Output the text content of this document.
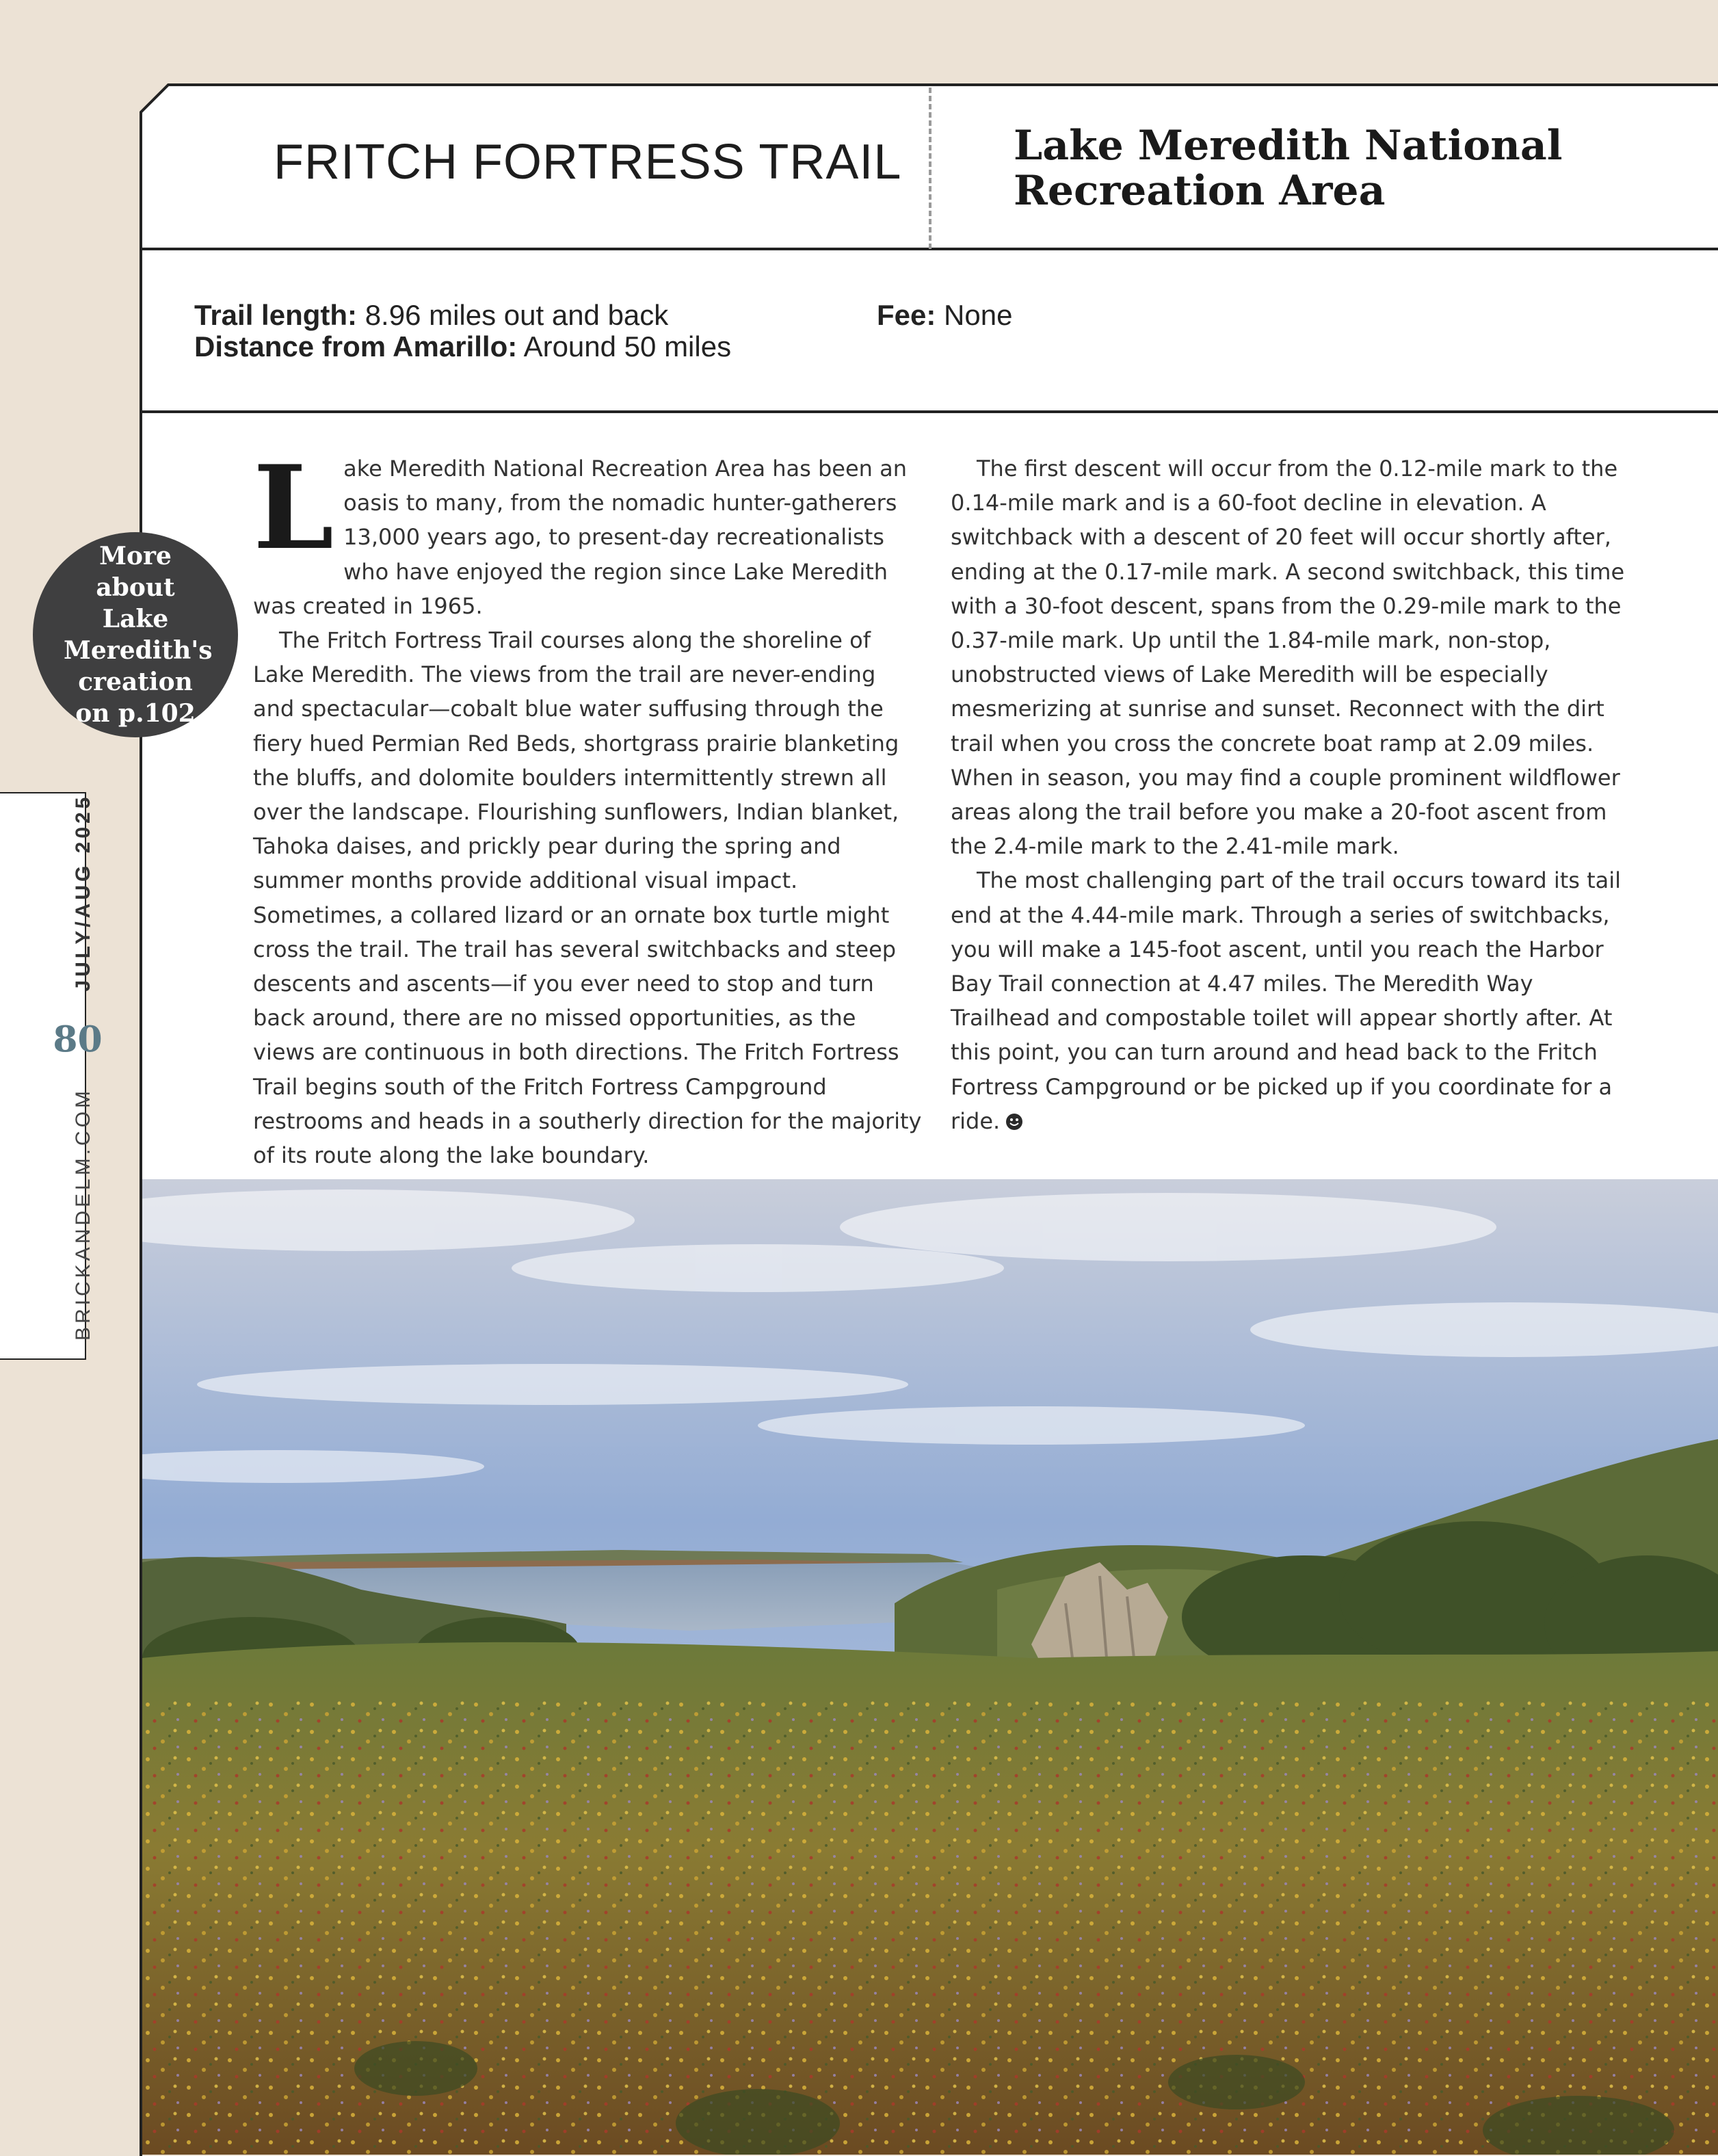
FRITCH FORTRESS TRAIL	Lake Meredith National
Recreation Area
Trail length: 8.96 miles out and back
Distance from Amarillo: Around 50 miles
Fee: None

Lake Meredith National Recreation Area has been an oasis to many, from the nomadic hunter-gatherers 13,000 years ago, to present-day recreationalists who have enjoyed the region since Lake Meredith was created in 1965.

The Fritch Fortress Trail courses along the shoreline of Lake Meredith. The views from the trail are never-ending and spectacular—cobalt blue water suffusing through the fiery hued Permian Red Beds, shortgrass prairie blanketing the bluffs, and dolomite boulders intermittently strewn all over the landscape. Flourishing sunflowers, Indian blanket, Tahoka daises, and prickly pear during the spring and summer months provide additional visual impact. Sometimes, a collared lizard or an ornate box turtle might cross the trail. The trail has several switchbacks and steep descents and ascents—if you ever need to stop and turn back around, there are no missed opportunities, as the views are continuous in both directions. The Fritch Fortress Trail begins south of the Fritch Fortress Campground restrooms and heads in a southerly direction for the majority of its route along the lake boundary.

The first descent will occur from the 0.12-mile mark to the 0.14-mile mark and is a 60-foot decline in elevation. A switchback with a descent of 20 feet will occur shortly after, ending at the 0.17-mile mark. A second switchback, this time with a 30-foot descent, spans from the 0.29-mile mark to the 0.37-mile mark. Up until the 1.84-mile mark, non-stop, unobstructed views of Lake Meredith will be especially mesmerizing at sunrise and sunset. Reconnect with the dirt trail when you cross the concrete boat ramp at 2.09 miles. When in season, you may find a couple prominent wildflower areas along the trail before you make a 20-foot ascent from the 2.4-mile mark to the 2.41-mile mark.

The most challenging part of the trail occurs toward its tail end at the 4.44-mile mark. Through a series of switchbacks, you will make a 145-foot ascent, until you reach the Harbor Bay Trail connection at 4.47 miles. The Meredith Way Trailhead and compostable toilet will appear shortly after. At this point, you can turn around and head back to the Fritch Fortress Campground or be picked up if you coordinate for a ride.

More about Lake Meredith's creation on p.102
BRICKANDELM.COM
80
JULY/AUG 2025
